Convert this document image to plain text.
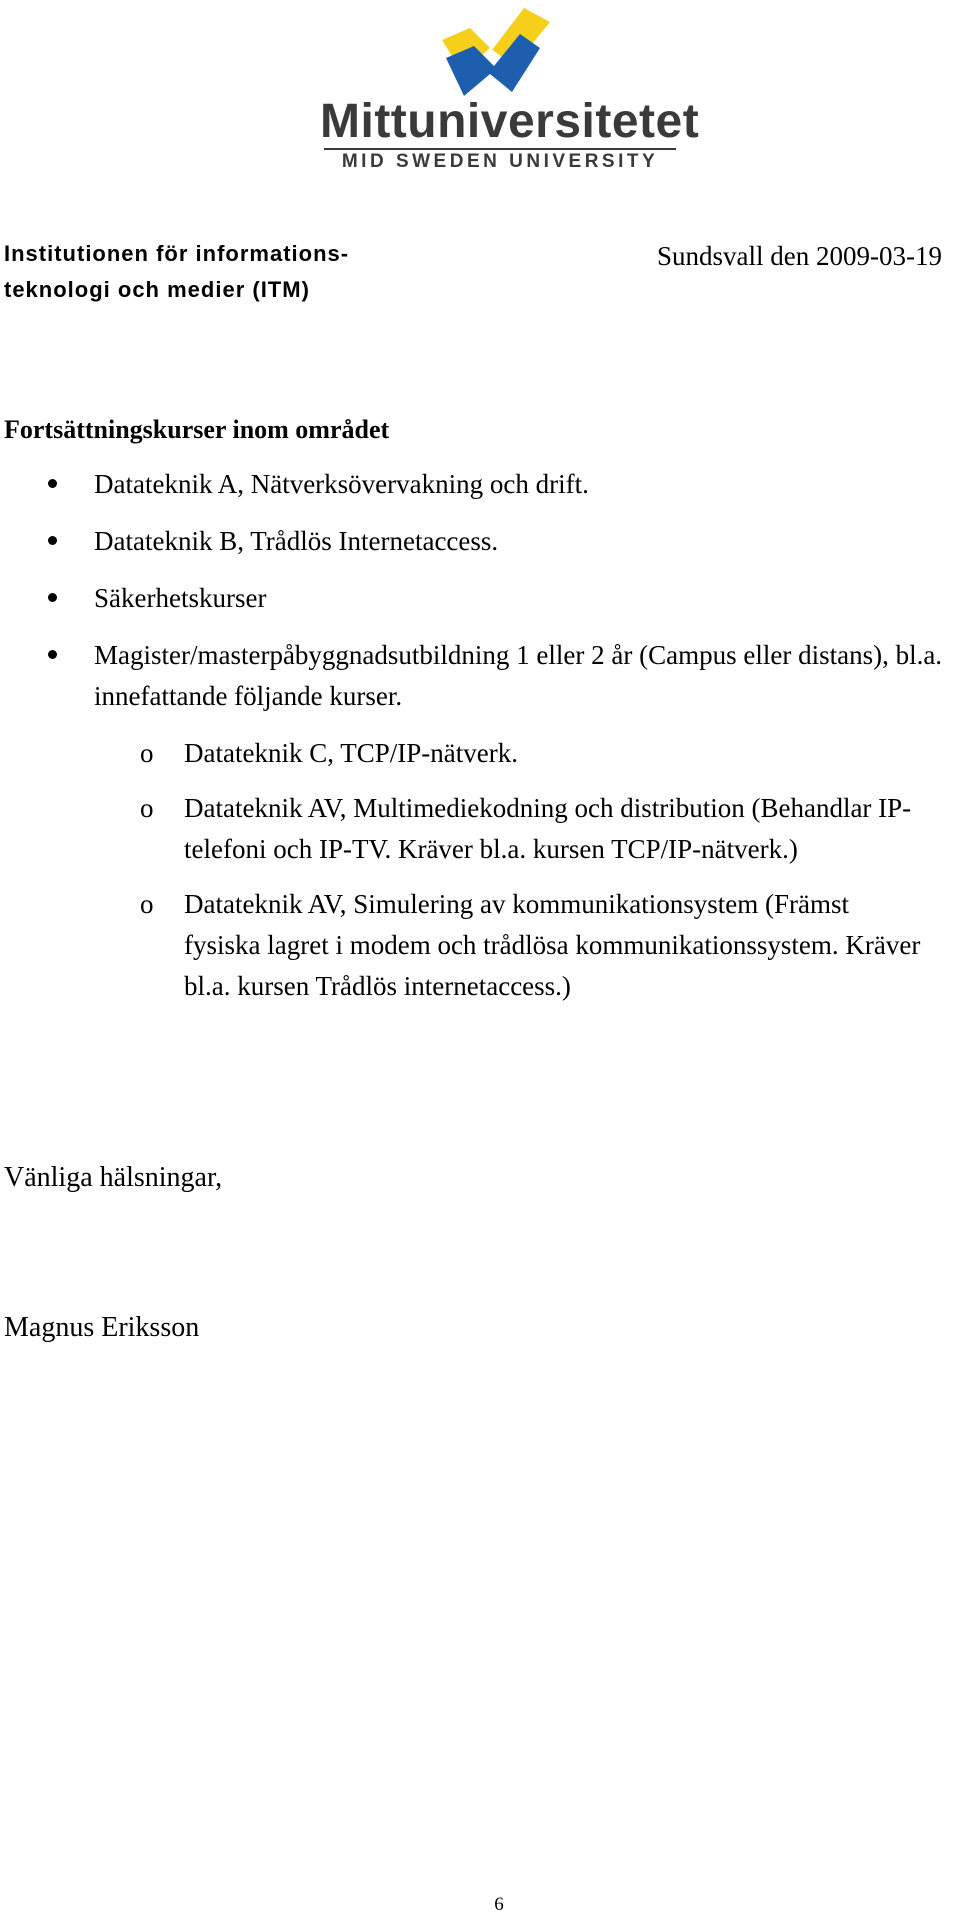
Mittuniversitetet
MID SWEDEN UNIVERSITY
Institutionen för informations-
teknologi och medier (ITM)
Sundsvall den 2009-03-19
Fortsättningskurser inom området
Datateknik A, Nätverksövervakning och drift.
Datateknik B, Trådlös Internetaccess.
Säkerhetskurser
Magister/masterpåbyggnadsutbildning 1 eller 2 år (Campus eller distans), bl.a. innefattande följande kurser.
o Datateknik C, TCP/IP-nätverk.
o Datateknik AV, Multimediekodning och distribution (Behandlar IP-telefoni och IP-TV. Kräver bl.a. kursen TCP/IP-nätverk.)
o Datateknik AV, Simulering av kommunikationsystem (Främst fysiska lagret i modem och trådlösa kommunikationssystem. Kräver bl.a. kursen Trådlös internetaccess.)
Vänliga hälsningar,
Magnus Eriksson
6
